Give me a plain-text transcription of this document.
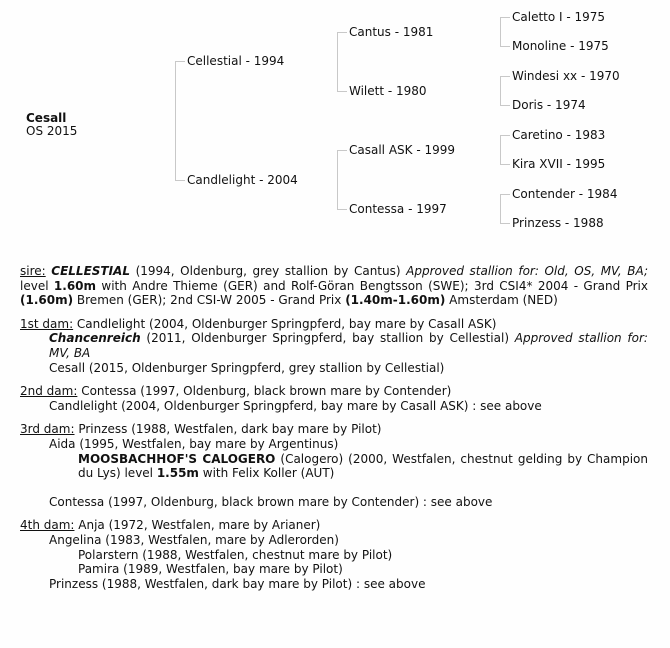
Cesall
OS 2015
Cellestial - 1994
Candlelight - 2004
Cantus - 1981
Wilett - 1980
Casall ASK - 1999
Contessa - 1997
Caletto I - 1975
Monoline - 1975
Windesi xx - 1970
Doris - 1974
Caretino - 1983
Kira XVII - 1995
Contender - 1984
Prinzess - 1988

sire: CELLESTIAL (1994, Oldenburg, grey stallion by Cantus) Approved stallion for: Old, OS, MV, BA; level 1.60m with Andre Thieme (GER) and Rolf-Göran Bengtsson (SWE); 3rd CSI4* 2004 - Grand Prix (1.60m) Bremen (GER); 2nd CSI-W 2005 - Grand Prix (1.40m-1.60m) Amsterdam (NED)

1st dam: Candlelight (2004, Oldenburger Springpferd, bay mare by Casall ASK)
Chancenreich (2011, Oldenburger Springpferd, bay stallion by Cellestial) Approved stallion for: MV, BA
Cesall (2015, Oldenburger Springpferd, grey stallion by Cellestial)
2nd dam: Contessa (1997, Oldenburg, black brown mare by Contender)
Candlelight (2004, Oldenburger Springpferd, bay mare by Casall ASK) : see above
3rd dam: Prinzess (1988, Westfalen, dark bay mare by Pilot)
Aida (1995, Westfalen, bay mare by Argentinus)
MOOSBACHHOF'S CALOGERO (Calogero) (2000, Westfalen, chestnut gelding by Champion du Lys) level 1.55m with Felix Koller (AUT)
Contessa (1997, Oldenburg, black brown mare by Contender) : see above
4th dam: Anja (1972, Westfalen, mare by Arianer)
Angelina (1983, Westfalen, mare by Adlerorden)
Polarstern (1988, Westfalen, chestnut mare by Pilot)
Pamira (1989, Westfalen, bay mare by Pilot)
Prinzess (1988, Westfalen, dark bay mare by Pilot) : see above
